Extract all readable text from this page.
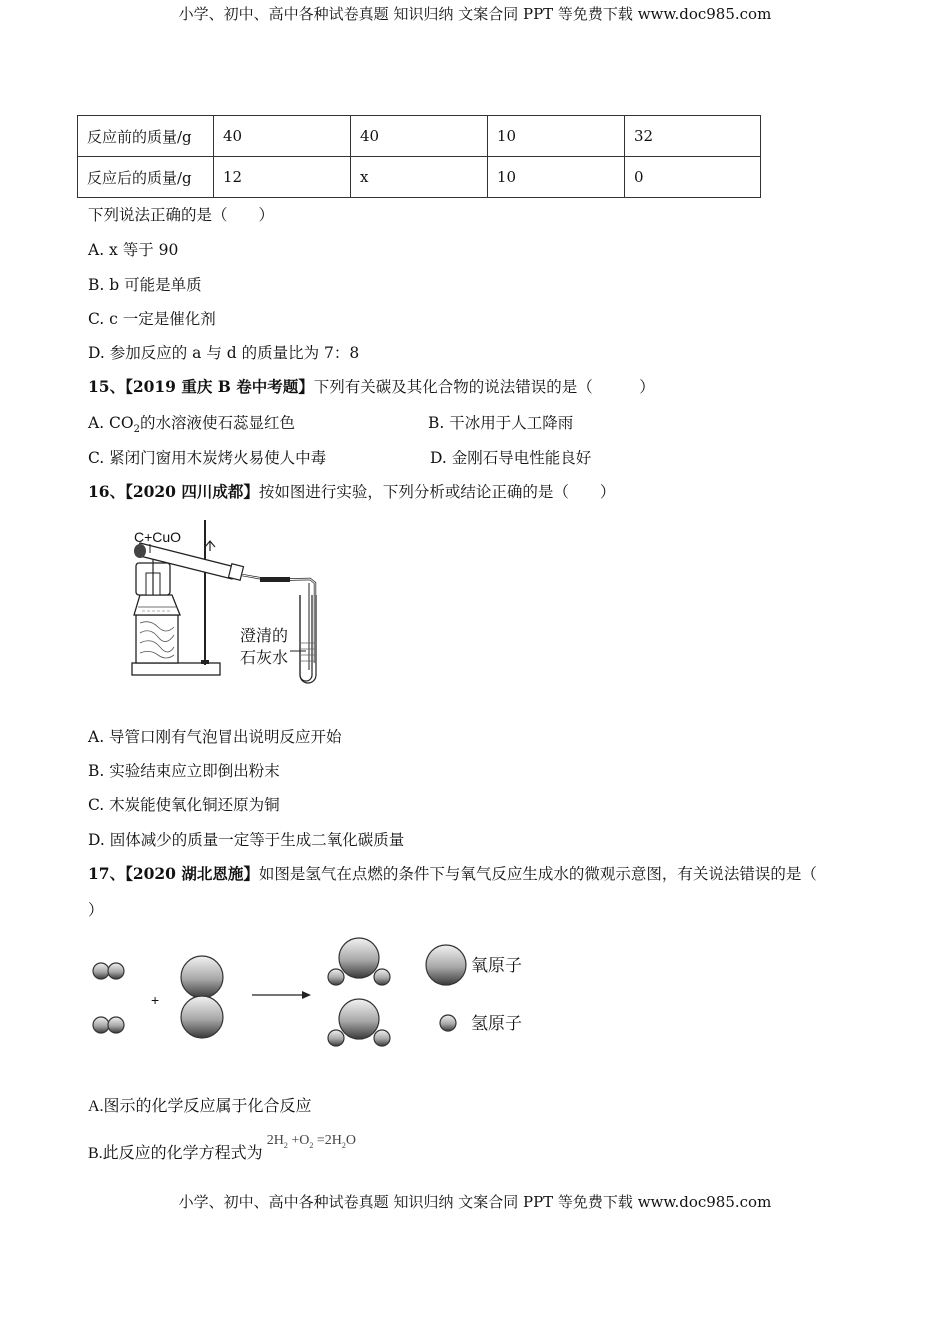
小学、初中、高中各种试卷真题 知识归纳 文案合同 PPT 等免费下载 www.doc985.com
反应前的质量/g	40	40	10	32
反应后的质量/g	12	x	10	0
下列说法正确的是（　　）
A. x 等于 90
B. b 可能是单质
C. c 一定是催化剂
D. 参加反应的 a 与 d 的质量比为 7：8
15、【2019 重庆 B 卷中考题】下列有关碳及其化合物的说法错误的是（　　　）
A. $CO_2$的水溶液使石蕊显红色	B. 干冰用于人工降雨
C. 紧闭门窗用木炭烤火易使人中毒	D. 金刚石导电性能良好
16、【2020 四川成都】按如图进行实验，下列分析或结论正确的是（　　）
C+CuO
澄清的
石灰水
A. 导管口刚有气泡冒出说明反应开始
B. 实验结束应立即倒出粉末
C. 木炭能使氧化铜还原为铜
D. 固体减少的质量一定等于生成二氧化碳质量
17、【2020 湖北恩施】如图是氢气在点燃的条件下与氧气反应生成水的微观示意图，有关说法错误的是（
）
+
氧原子
氢原子
A.图示的化学反应属于化合反应
B.此反应的化学方程式为$2H_2 +O_2 =2H_2O$
小学、初中、高中各种试卷真题 知识归纳 文案合同 PPT 等免费下载 www.doc985.com
